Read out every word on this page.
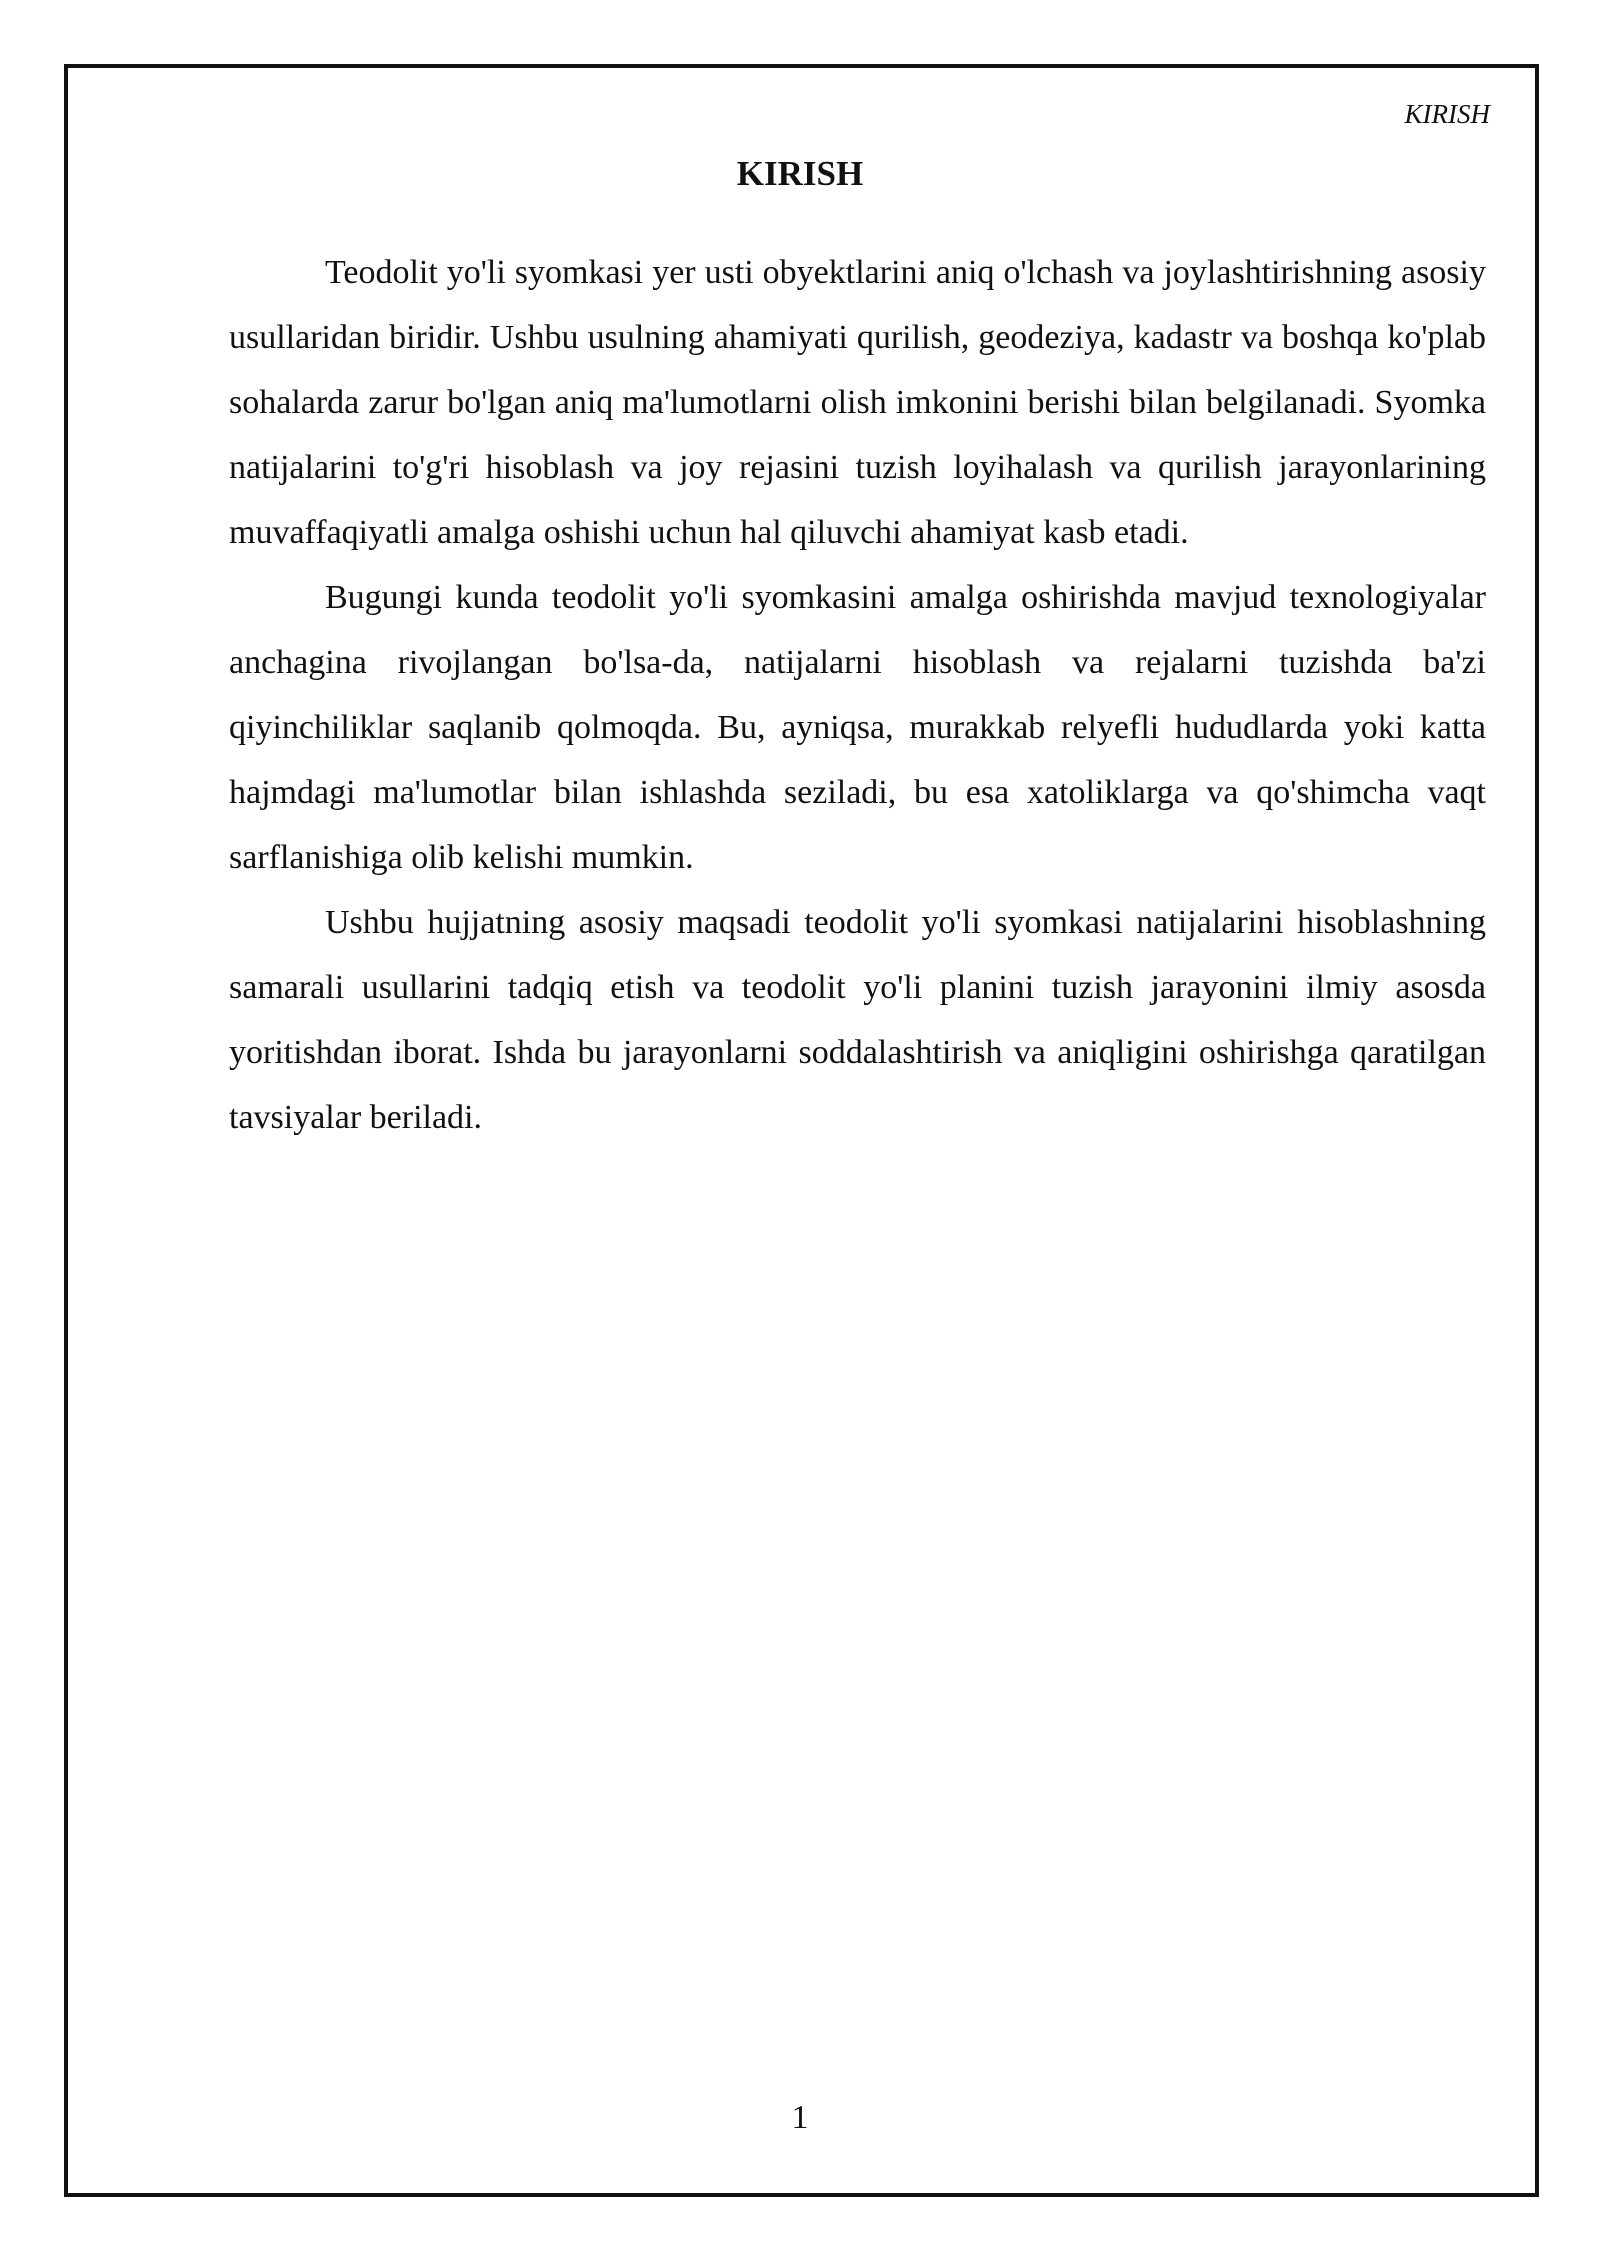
KIRISH
KIRISH

Teodolit yo'li syomkasi yer usti obyektlarini aniq o'lchash va joylashtirishning asosiy usullaridan biridir. Ushbu usulning ahamiyati qurilish, geodeziya, kadastr va boshqa ko'plab sohalarda zarur bo'lgan aniq ma'lumotlarni olish imkonini berishi bilan belgilanadi. Syomka natijalarini to'g'ri hisoblash va joy rejasini tuzish loyihalash va qurilish jarayonlarining muvaffaqiyatli amalga oshishi uchun hal qiluvchi ahamiyat kasb etadi.

Bugungi kunda teodolit yo'li syomkasini amalga oshirishda mavjud texnologiyalar anchagina rivojlangan bo'lsa-da, natijalarni hisoblash va rejalarni tuzishda ba'zi qiyinchiliklar saqlanib qolmoqda. Bu, ayniqsa, murakkab relyefli hududlarda yoki katta hajmdagi ma'lumotlar bilan ishlashda seziladi, bu esa xatoliklarga va qo'shimcha vaqt sarflanishiga olib kelishi mumkin.

Ushbu hujjatning asosiy maqsadi teodolit yo'li syomkasi natijalarini hisoblashning samarali usullarini tadqiq etish va teodolit yo'li planini tuzish jarayonini ilmiy asosda yoritishdan iborat. Ishda bu jarayonlarni soddalashtirish va aniqligini oshirishga qaratilgan tavsiyalar beriladi.

1
